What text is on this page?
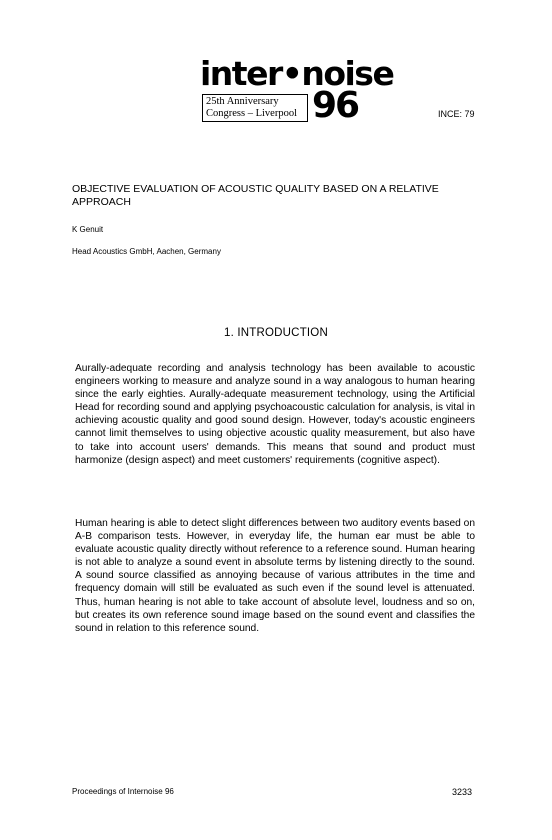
inter•noise
25th Anniversary
Congress – Liverpool 96	INCE: 79
OBJECTIVE EVALUATION OF ACOUSTIC QUALITY BASED ON A RELATIVE APPROACH
K Genuit
Head Acoustics GmbH, Aachen, Germany
1. INTRODUCTION

Aurally-adequate recording and analysis technology has been available to acoustic engineers working to measure and analyze sound in a way analogous to human hearing since the early eighties. Aurally-adequate measurement technology, using the Artificial Head for recording sound and applying psychoacoustic calculation for analysis, is vital in achieving acoustic quality and good sound design. However, today's acoustic engineers cannot limit themselves to using objective acoustic quality measurement, but also have to take into account users' demands. This means that sound and product must harmonize (design aspect) and meet customers' requirements (cognitive aspect).

Human hearing is able to detect slight differences between two auditory events based on A-B comparison tests. However, in everyday life, the human ear must be able to evaluate acoustic quality directly without reference to a reference sound. Human hearing is not able to analyze a sound event in absolute terms by listening directly to the sound. A sound source classified as annoying because of various attributes in the time and frequency domain will still be evaluated as such even if the sound level is attenuated. Thus, human hearing is not able to take account of absolute level, loudness and so on, but creates its own reference sound image based on the sound event and classifies the sound in relation to this reference sound.

Proceedings of Internoise 96	3233
